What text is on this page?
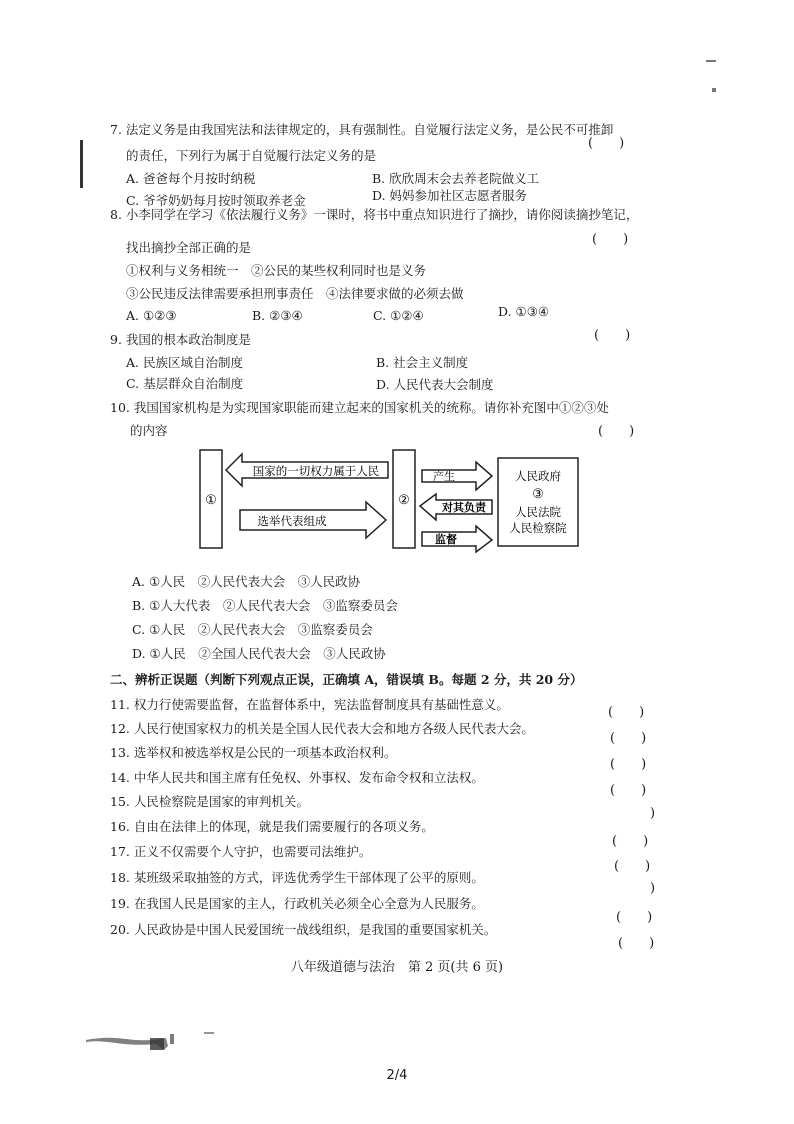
7. 法定义务是由我国宪法和法律规定的，具有强制性。自觉履行法定义务，是公民不可推卸
(　　)
的责任，下列行为属于自觉履行法定义务的是
A. 爸爸每个月按时纳税	B. 欣欣周末会去养老院做义工
C. 爷爷奶奶每月按时领取养老金	D. 妈妈参加社区志愿者服务
8. 小李同学在学习《依法履行义务》一课时，将书中重点知识进行了摘抄，请你阅读摘抄笔记，
(　　)
找出摘抄全部正确的是
①权利与义务相统一　②公民的某些权利同时也是义务
③公民违反法律需要承担刑事责任　④法律要求做的必须去做
A. ①②③	B. ②③④	C. ①②④	D. ①③④
9. 我国的根本政治制度是	(　　)
A. 民族区域自治制度	B. 社会主义制度
C. 基层群众自治制度	D. 人民代表大会制度
10. 我国国家机构是为实现国家职能而建立起来的国家机关的统称。请你补充图中①②③处
(　　)
的内容
①	②
国家的一切权力属于人民
选举代表组成
产生
对其负责
监督
人民政府
③
人民法院
人民检察院
A. ①人民　②人民代表大会　③人民政协
B. ①人大代表　②人民代表大会　③监察委员会
C. ①人民　②人民代表大会　③监察委员会
D. ①人民　②全国人民代表大会　③人民政协
二、辨析正误题（判断下列观点正误，正确填 A，错误填 B。每题 2 分，共 20 分）
11. 权力行使需要监督，在监督体系中，宪法监督制度具有基础性意义。
(　　)
12. 人民行使国家权力的机关是全国人民代表大会和地方各级人民代表大会。
(　　)
13. 选举权和被选举权是公民的一项基本政治权利。
(　　)
14. 中华人民共和国主席有任免权、外事权、发布命令权和立法权。
(　　)
15. 人民检察院是国家的审判机关。
)
16. 自由在法律上的体现，就是我们需要履行的各项义务。
(　　)
17. 正义不仅需要个人守护，也需要司法维护。
(　　)
18. 某班级采取抽签的方式，评选优秀学生干部体现了公平的原则。
)
19. 在我国人民是国家的主人，行政机关必须全心全意为人民服务。
(　　)
20. 人民政协是中国人民爱国统一战线组织，是我国的重要国家机关。
(　　)
八年级道德与法治　第 2 页(共 6 页)
2/4
